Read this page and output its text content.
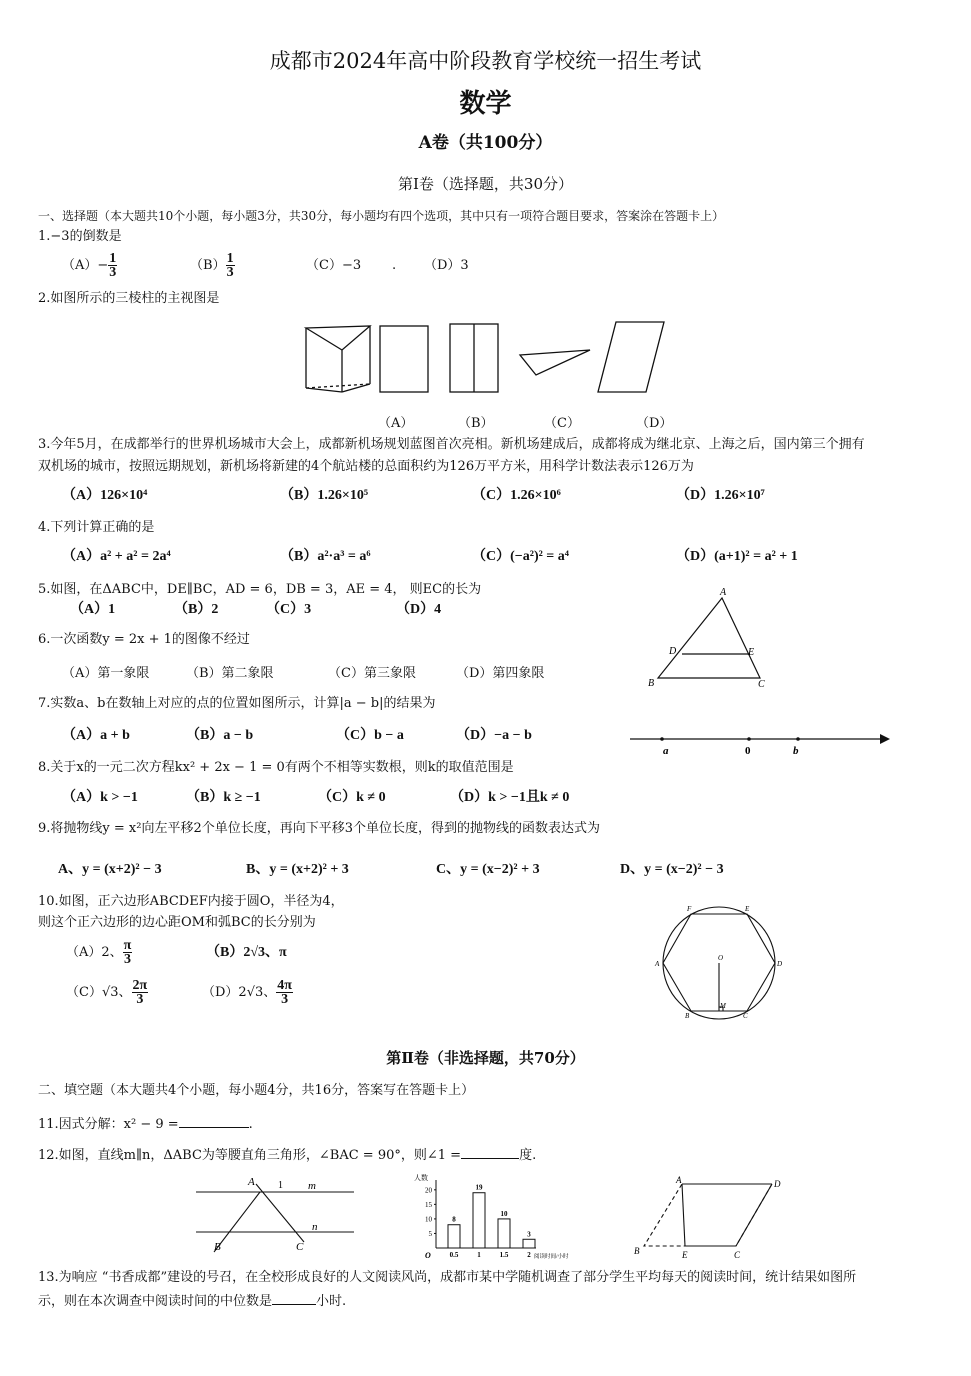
成都市2024年高中阶段教育学校统一招生考试
数学
A卷（共100分）
第Ⅰ卷（选择题，共30分）
一、选择题（本大题共10个小题，每小题3分，共30分，每小题均有四个选项，其中只有一项符合题目要求，答案涂在答题卡上）
1.−3的倒数是
$(A)- \frac{1}{3}$	$(B) \frac{1}{3}$	（C）−3 . （D）3
2.如图所示的三棱柱的主视图是
（A）	（B）	（C）	（D）
3.今年5月，在成都举行的世界机场城市大会上，成都新机场规划蓝图首次亮相。新机场建成后，成都将成为继北京、上海之后，国内第三个拥有
双机场的城市，按照远期规划，新机场将新建的4个航站楼的总面积约为126万平方米，用科学计数法表示126万为
（A）126×10⁴	（B）1.26×10⁵	（C）1.26×10⁶	（D）1.26×10⁷
4.下列计算正确的是
（A）a² + a² = 2a⁴	（B）a²·a³ = a⁶	（C）(−a²)² = a⁴	（D）(a+1)² = a² + 1
5.如图，在ΔABC中，DE∥BC，AD = 6，DB = 3，AE = 4， 则EC的长为
（A）1	（B）2	（C）3	（D）4
A
B	C
D	E
6.一次函数y = 2x + 1的图像不经过
（A）第一象限	（B）第二象限	（C）第三象限	（D）第四象限
7.实数a、b在数轴上对应的点的位置如图所示，计算|a − b|的结果为
（A）a + b	（B）a − b	（C）b − a	（D）−a − b
a	0	b
8.关于x的一元二次方程kx² + 2x − 1 = 0有两个不相等实数根，则k的取值范围是
（A）k > −1	（B）k ≥ −1	（C）k ≠ 0	（D）k > −1且k ≠ 0
9.将抛物线y = x²向左平移2个单位长度，再向下平移3个单位长度，得到的抛物线的函数表达式为
A、y = (x+2)² − 3	B、y = (x+2)² + 3	C、y = (x−2)² + 3	D、y = (x−2)² − 3
10.如图，正六边形ABCDEF内接于圆O，半径为4，
则这个正六边形的边心距OM和弧BC的长分别为
（A）2、 $\frac{\pi}{3}$	（B）2√3、π
（C）√3、 $\frac{2\pi}{3}$	（D）2√3、 $\frac{4\pi}{3}$
F	E
A	D
O
M
B	C
第Ⅱ卷（非选择题，共70分）
二、填空题（本大题共4个小题，每小题4分，共16分，答案写在答题卡上）
11.因式分解：x² − 9 =	.
12.如图，直线m∥n，ΔABC为等腰直角三角形，∠BAC = 90°，则∠1 =	度.
A 1 m
n
B	C
人数
O	阅读时间/小时
5
10
15
20
8
0.5
19
1
10
1.5
3
2
A	D
B	E	C
13.为响应 “书香成都”建设的号召，在全校形成良好的人文阅读风尚，成都市某中学随机调查了部分学生平均每天的阅读时间，统计结果如图所
示，则在本次调查中阅读时间的中位数是	小时.
